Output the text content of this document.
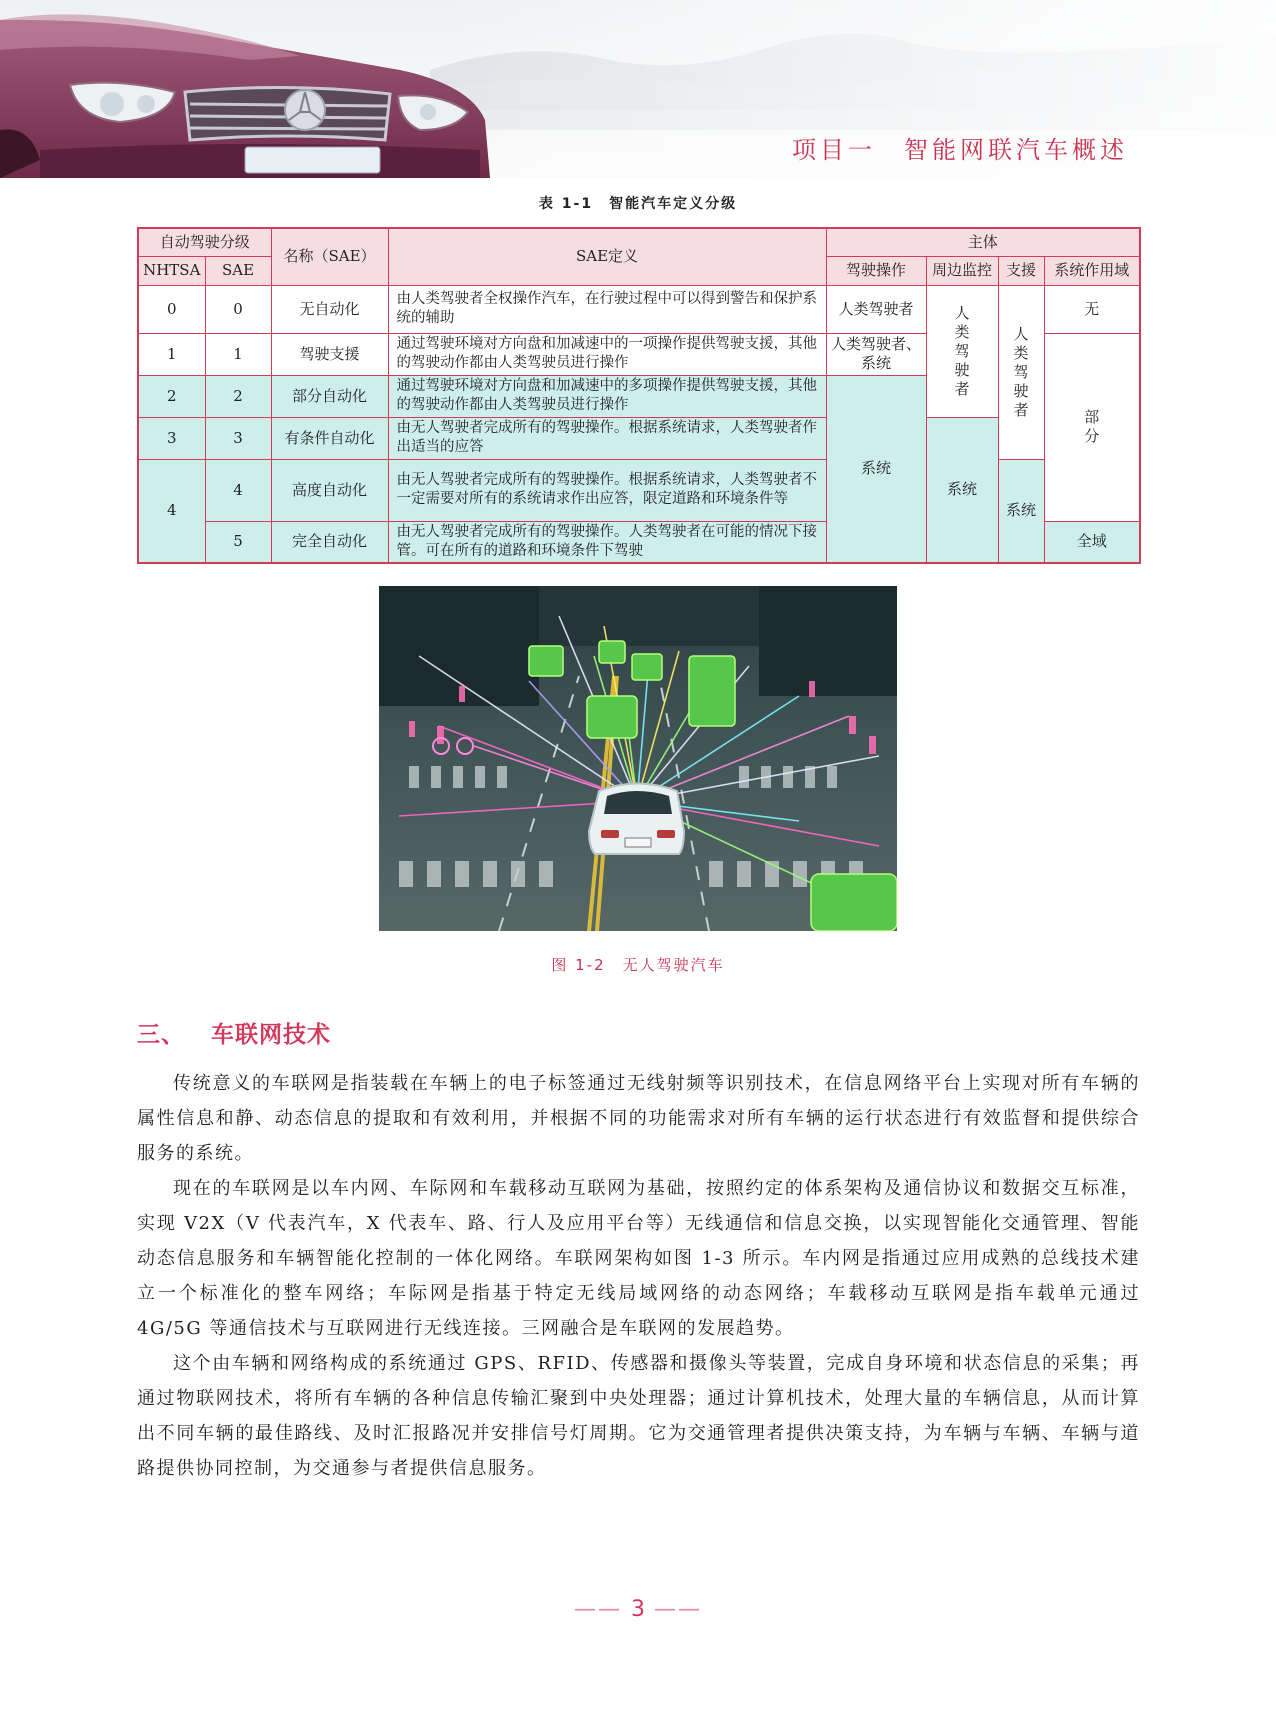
项目一　智能网联汽车概述
表 1-1　智能汽车定义分级
自动驾驶分级		名称（SAE）	SAE定义	主体			
NHTSA	SAE			驾驶操作	周边监控	支援	系统作用域
0	0	无自动化	由人类驾驶者全权操作汽车，在行驶过程中可以得到警告和保护系统的辅助	人类驾驶者	人类驾驶者	人类驾驶者	无
1	1	驾驶支援	通过驾驶环境对方向盘和加减速中的一项操作提供驾驶支援，其他的驾驶动作都由人类驾驶员进行操作	人类驾驶者、系统			部分
2	2	部分自动化	通过驾驶环境对方向盘和加减速中的多项操作提供驾驶支援，其他的驾驶动作都由人类驾驶员进行操作	系统			
3	3	有条件自动化	由无人驾驶者完成所有的驾驶操作。根据系统请求，人类驾驶者作出适当的应答		系统		
4	4	高度自动化	由无人驾驶者完成所有的驾驶操作。根据系统请求，人类驾驶者不一定需要对所有的系统请求作出应答，限定道路和环境条件等			系统	
	5	完全自动化	由无人驾驶者完成所有的驾驶操作。人类驾驶者在可能的情况下接管。可在所有的道路和环境条件下驾驶				全域
图 1-2　无人驾驶汽车
三、 车联网技术

传统意义的车联网是指装载在车辆上的电子标签通过无线射频等识别技术，在信息网络平台上实现对所有车辆的属性信息和静、动态信息的提取和有效利用，并根据不同的功能需求对所有车辆的运行状态进行有效监督和提供综合服务的系统。

现在的车联网是以车内网、车际网和车载移动互联网为基础，按照约定的体系架构及通信协议和数据交互标准，实现 V2X（V 代表汽车，X 代表车、路、行人及应用平台等）无线通信和信息交换，以实现智能化交通管理、智能动态信息服务和车辆智能化控制的一体化网络。车联网架构如图 1-3 所示。车内网是指通过应用成熟的总线技术建立一个标准化的整车网络；车际网是指基于特定无线局域网络的动态网络；车载移动互联网是指车载单元通过 4G/5G 等通信技术与互联网进行无线连接。三网融合是车联网的发展趋势。

这个由车辆和网络构成的系统通过 GPS、RFID、传感器和摄像头等装置，完成自身环境和状态信息的采集；再通过物联网技术，将所有车辆的各种信息传输汇聚到中央处理器；通过计算机技术，处理大量的车辆信息，从而计算出不同车辆的最佳路线、及时汇报路况并安排信号灯周期。它为交通管理者提供决策支持，为车辆与车辆、车辆与道路提供协同控制，为交通参与者提供信息服务。

—— 3 ——
